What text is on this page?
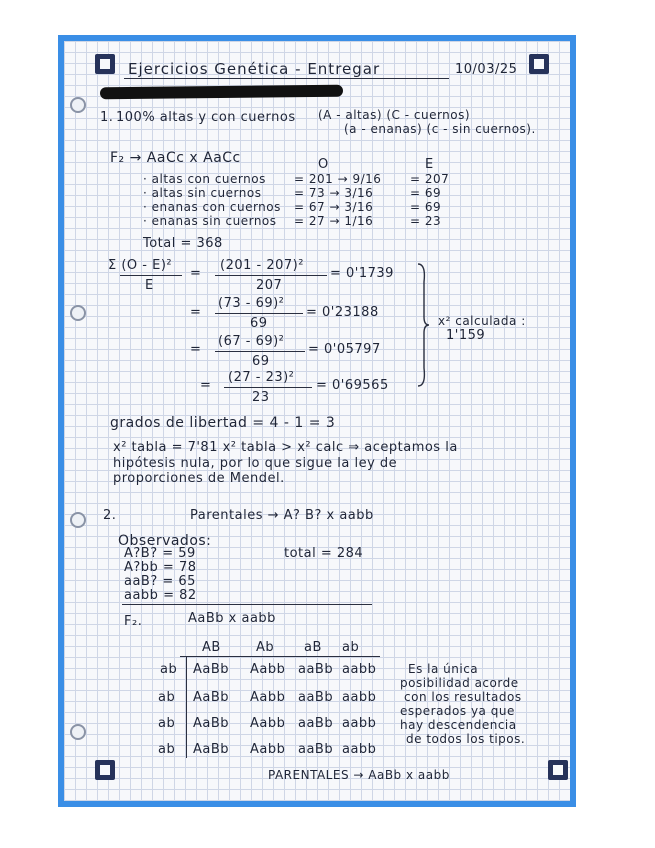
Ejercicios Genética - Entregar	10/03/25
1. 100% altas y con cuernos (A - altas) (C - cuernos)
(a - enanas) (c - sin cuernos).
F₂ → AaCc x AaCc	O	E
· altas con cuernos = 201 → 9/16 = 207
· altas sin cuernos	= 73 → 3/16	= 69
· enanas con cuernos = 67 → 3/16	= 69
· enanas sin cuernos = 27 → 1/16	= 23
Total = 368
Σ (O - E)²
E
=
(201 - 207)²
207
= 0'1739
=
(73 - 69)²
69
= 0'23188
=
(67 - 69)²
69
= 0'05797
=
(27 - 23)²
23
= 0'69565
x² calculada :
1'159
grados de libertad = 4 - 1 = 3
x² tabla = 7'81 x² tabla > x² calc ⇒ aceptamos la
hipótesis nula, por lo que sigue la ley de
proporciones de Mendel.
2.	Parentales → A? B? x aabb
Observados:
A?B? = 59
A?bb = 78
aaB? = 65
aabb = 82
total = 284
F₂.	AaBb x aabb
AB	Ab aB ab
ab AaBb Aabb aaBb aabb
ab AaBb Aabb aaBb aabb
ab AaBb Aabb aaBb aabb
ab AaBb Aabb aaBb aabb
Es la única
posibilidad acorde
con los resultados
esperados ya que
hay descendencia
de todos los tipos.
PARENTALES → AaBb x aabb
